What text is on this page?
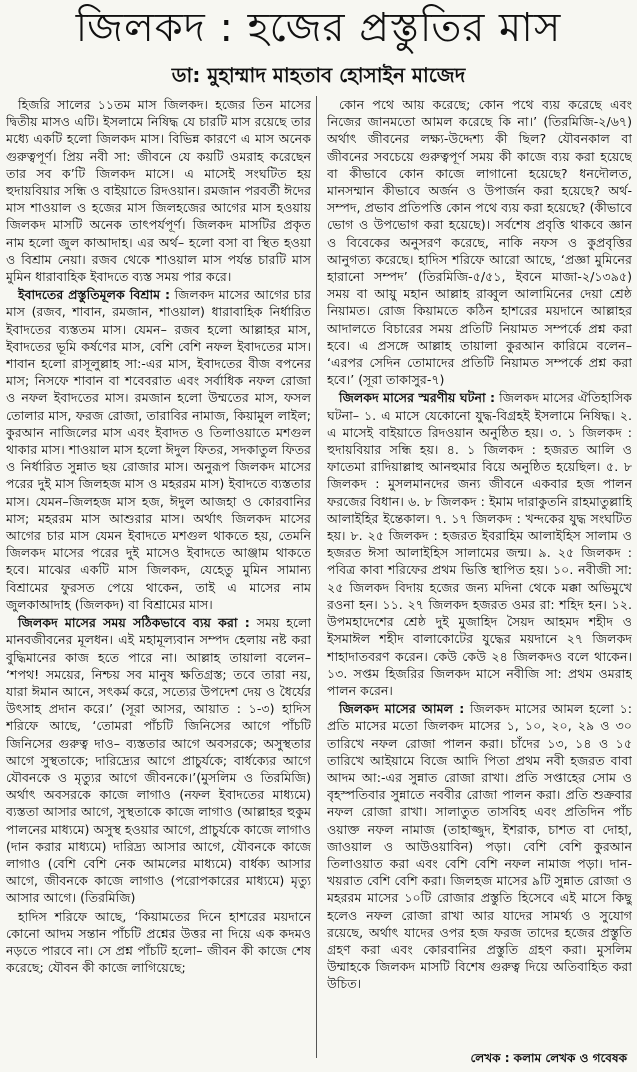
জিলকদ : হজের প্রস্তুতির মাস
ডা: মুহাম্মাদ মাহতাব হোসাইন মাজেদ

হিজরি সালের ১১তম মাস জিলকদ। হজের তিন মাসের দ্বিতীয় মাসও এটি। ইসলামে নিষিদ্ধ যে চারটি মাস রয়েছে তার মধ্যে একটি হলো জিলকদ মাস। বিভিন্ন কারণে এ মাস অনেক গুরুত্বপূর্ণ। প্রিয় নবী সা: জীবনে যে কয়টি ওমরাহ করেছেন তার সব ক’টি জিলকদ মাসে। এ মাসেই সংঘটিত হয় হুদায়বিয়ার সন্ধি ও বাইয়াতে রিদওয়ান। রমজান পরবর্তী ঈদের মাস শাওয়াল ও হজের মাস জিলহজের আগের মাস হওয়ায় জিলকদ মাসটি অনেক তাৎপর্যপূর্ণ। জিলকদ মাসটির প্রকৃত নাম হলো জুল কাআদাহ। এর অর্থ– হলো বসা বা স্থিত হওয়া ও বিশ্রাম নেয়া। রজব থেকে শাওয়াল মাস পর্যন্ত চারটি মাস মুমিন ধারাবাহিক ইবাদতে ব্যস্ত সময় পার করে।

ইবাদতের প্রস্তুতিমূলক বিশ্রাম : জিলকদ মাসের আগের চার মাস (রজব, শাবান, রমজান, শাওয়াল) ধারাবাহিক নির্ধারিত ইবাদতের ব্যস্ততম মাস। যেমন– রজব হলো আল্লাহর মাস, ইবাদতের ভূমি কর্ষণের মাস, বেশি বেশি নফল ইবাদতের মাস। শাবান হলো রাসূলুল্লাহ সা:-এর মাস, ইবাদতের বীজ বপনের মাস; নিসফে শাবান বা শবেবরাত এবং সর্বাধিক নফল রোজা ও নফল ইবাদতের মাস। রমজান হলো উম্মতের মাস, ফসল তোলার মাস, ফরজ রোজা, তারাবির নামাজ, কিয়ামুল লাইল; কুরআন নাজিলের মাস এবং ইবাদত ও তিলাওয়াতে মশগুল থাকার মাস। শাওয়াল মাস হলো ঈদুল ফিতর, সদকাতুল ফিতর ও নির্ধারিত সুন্নাত ছয় রোজার মাস। অনুরূপ জিলকদ মাসের পরের দুই মাস জিলহজ মাস ও মহররম মাস) ইবাদতে ব্যস্ততার মাস। যেমন–জিলহজ মাস হজ, ঈদুল আজহা ও কোরবানির মাস; মহররম মাস আশুরার মাস। অর্থাৎ জিলকদ মাসের আগের চার মাস যেমন ইবাদতে মশগুল থাকতে হয়, তেমনি জিলকদ মাসের পরের দুই মাসেও ইবাদতে আঞ্জাম থাকতে হবে। মাঝের একটি মাস জিলকদ, যেহেতু মুমিন সামান্য বিশ্রামের ফুরসত পেয়ে থাকেন, তাই এ মাসের নাম জুলকাআদাহ (জিলকদ) বা বিশ্রামের মাস।

জিলকদ মাসের সময় সঠিকভাবে ব্যয় করা : সময় হলো মানবজীবনের মূলধন। এই মহামূল্যবান সম্পদ হেলায় নষ্ট করা বুদ্ধিমানের কাজ হতে পারে না। আল্লাহ তায়ালা বলেন– ‘শপথ! সময়ের, নিশ্চয় সব মানুষ ক্ষতিগ্রস্ত; তবে তারা নয়, যারা ঈমান আনে, সৎকর্ম করে, সত্যের উপদেশ দেয় ও ধৈর্যের উৎসাহ প্রদান করে।’ (সূরা আসর, আয়াত : ১-৩) হাদিস শরিফে আছে, ‘তোমরা পাঁচটি জিনিসের আগে পাঁচটি জিনিসের গুরুত্ব দাও– ব্যস্ততার আগে অবসরকে; অসুস্থতার আগে সুস্থতাকে; দারিদ্র্যের আগে প্রাচুর্যকে; বার্ধক্যের আগে যৌবনকে ও মৃত্যুর আগে জীবনকে।’(মুসলিম ও তিরমিজি) অর্থাৎ অবসরকে কাজে লাগাও (নফল ইবাদতের মাধ্যমে) ব্যস্ততা আসার আগে, সুস্থতাকে কাজে লাগাও (আল্লাহর হুকুম পালনের মাধ্যমে) অসুস্থ হওয়ার আগে, প্রাচুর্যকে কাজে লাগাও (দান করার মাধ্যমে) দারিদ্র্য আসার আগে, যৌবনকে কাজে লাগাও (বেশি বেশি নেক আমলের মাধ্যমে) বার্ধক্য আসার আগে, জীবনকে কাজে লাগাও (পরোপকারের মাধ্যমে) মৃত্যু আসার আগে। (তিরমিজি)

হাদিস শরিফে আছে, ‘কিয়ামতের দিনে হাশরের ময়দানে কোনো আদম সন্তান পাঁচটি প্রশ্নের উত্তর না দিয়ে এক কদমও নড়তে পারবে না। সে প্রশ্ন পাঁচটি হলো– জীবন কী কাজে শেষ করেছে; যৌবন কী কাজে লাগিয়েছে;

কোন পথে আয় করেছে; কোন পথে ব্যয় করেছে এবং নিজের জানমতো আমল করেছে কি না।’ (তিরমিজি-২/৬৭) অর্থাৎ জীবনের লক্ষ্য-উদ্দেশ্য কী ছিল? যৌবনকাল বা জীবনের সবচেয়ে গুরুত্বপূর্ণ সময় কী কাজে ব্যয় করা হয়েছে বা কীভাবে কোন কাজে লাগানো হয়েছে? ধনদৌলত, মানসম্মান কীভাবে অর্জন ও উপার্জন করা হয়েছে? অর্থ-সম্পদ, প্রভাব প্রতিপত্তি কোন পথে ব্যয় করা হয়েছে? (কীভাবে ভোগ ও উপভোগ করা হয়েছে)। সর্বশেষ প্রবৃত্তি থাকবে জ্ঞান ও বিবেকের অনুসরণ করেছে, নাকি নফস ও কুপ্রবৃত্তির আনুগত্য করেছে। হাদিস শরিফে আরো আছে, ‘প্রজ্ঞা মুমিনের হারানো সম্পদ’ (তিরমিজি-৫/৫১, ইবনে মাজা-২/১৩৯৫) সময় বা আয়ু মহান আল্লাহ রাব্বুল আলামিনের দেয়া শ্রেষ্ঠ নিয়ামত। রোজ কিয়ামতে কঠিন হাশরের ময়দানে আল্লাহর আদালতে বিচারের সময় প্রতিটি নিয়ামত সম্পর্কে প্রশ্ন করা হবে। এ প্রসঙ্গে আল্লাহ তায়ালা কুরআন কারিমে বলেন– ‘এরপর সেদিন তোমাদের প্রতিটি নিয়ামত সম্পর্কে প্রশ্ন করা হবে।’ (সূরা তাকাসুর-৭)

জিলকদ মাসের স্মরণীয় ঘটনা : জিলকদ মাসের ঐতিহাসিক ঘটনা– ১. এ মাসে যেকোনো যুদ্ধ-বিগ্রহই ইসলামে নিষিদ্ধ। ২. এ মাসেই বাইয়াতে রিদওয়ান অনুষ্ঠিত হয়। ৩. ১ জিলকদ : হুদায়বিয়ার সন্ধি হয়। ৪. ১ জিলকদ : হজরত আলি ও ফাতেমা রাদিয়াল্লাহু আনহুমার বিয়ে অনুষ্ঠিত হয়েছিল। ৫. ৮ জিলকদ : মুসলমানদের জন্য জীবনে একবার হজ পালন ফরজের বিধান। ৬. ৮ জিলকদ : ইমাম দারাকুতনি রাহমাতুল্লাহি আলাইহির ইন্তেকাল। ৭. ১৭ জিলকদ : খন্দকের যুদ্ধ সংঘটিত হয়। ৮. ২৫ জিলকদ : হজরত ইবরাহিম আলাইহিস সালাম ও হজরত ঈসা আলাইহিস সালামের জন্ম। ৯. ২৫ জিলকদ : পবিত্র কাবা শরিফের প্রথম ভিত্তি স্থাপিত হয়। ১০. নবীজী সা: ২৫ জিলকদ বিদায় হজের জন্য মদিনা থেকে মক্কা অভিমুখে রওনা হন। ১১. ২৭ জিলকদ হজরত ওমর রা: শহিদ হন। ১২. উপমহাদেশের শ্রেষ্ঠ দুই মুজাহিদ সৈয়দ আহমদ শহীদ ও ইসমাঈল শহীদ বালাকোটের যুদ্ধের ময়দানে ২৭ জিলকদ শাহাদাতবরণ করেন। কেউ কেউ ২৪ জিলকদও বলে থাকেন। ১৩. সপ্তম হিজরির জিলকদ মাসে নবীজি সা: প্রথম ওমরাহ পালন করেন।

জিলকদ মাসের আমল : জিলকদ মাসের আমল হলো ১: প্রতি মাসের মতো জিলকদ মাসের ১, ১০, ২০, ২৯ ও ৩০ তারিখে নফল রোজা পালন করা। চাঁদের ১৩, ১৪ ও ১৫ তারিখে আইয়ামে বিজে আদি পিতা প্রথম নবী হজরত বাবা আদম আ:-এর সুন্নাত রোজা রাখা। প্রতি সপ্তাহের সোম ও বৃহস্পতিবার সুন্নাতে নববীর রোজা পালন করা। প্রতি শুক্রবার নফল রোজা রাখা। সালাতুত তাসবিহ এবং প্রতিদিন পাঁচ ওয়াক্ত নফল নামাজ (তাহাজ্জুদ, ইশরাক, চাশত বা দোহা, জাওয়াল ও আউওয়াবিন) পড়া। বেশি বেশি কুরআন তিলাওয়াত করা এবং বেশি বেশি নফল নামাজ পড়া। দান-খয়রাত বেশি বেশি করা। জিলহজ মাসের ৯টি সুন্নাত রোজা ও মহররম মাসের ১০টি রোজার প্রস্তুতি হিসেবে এই মাসে কিছু হলেও নফল রোজা রাখা আর যাদের সামর্থ্য ও সুযোগ রয়েছে, অর্থাৎ যাদের ওপর হজ ফরজ তাদের হজের প্রস্তুতি গ্রহণ করা এবং কোরবানির প্রস্তুতি গ্রহণ করা। মুসলিম উম্মাহকে জিলকদ মাসটি বিশেষ গুরুত্ব দিয়ে অতিবাহিত করা উচিত।

লেখক : কলাম লেখক ও গবেষক
